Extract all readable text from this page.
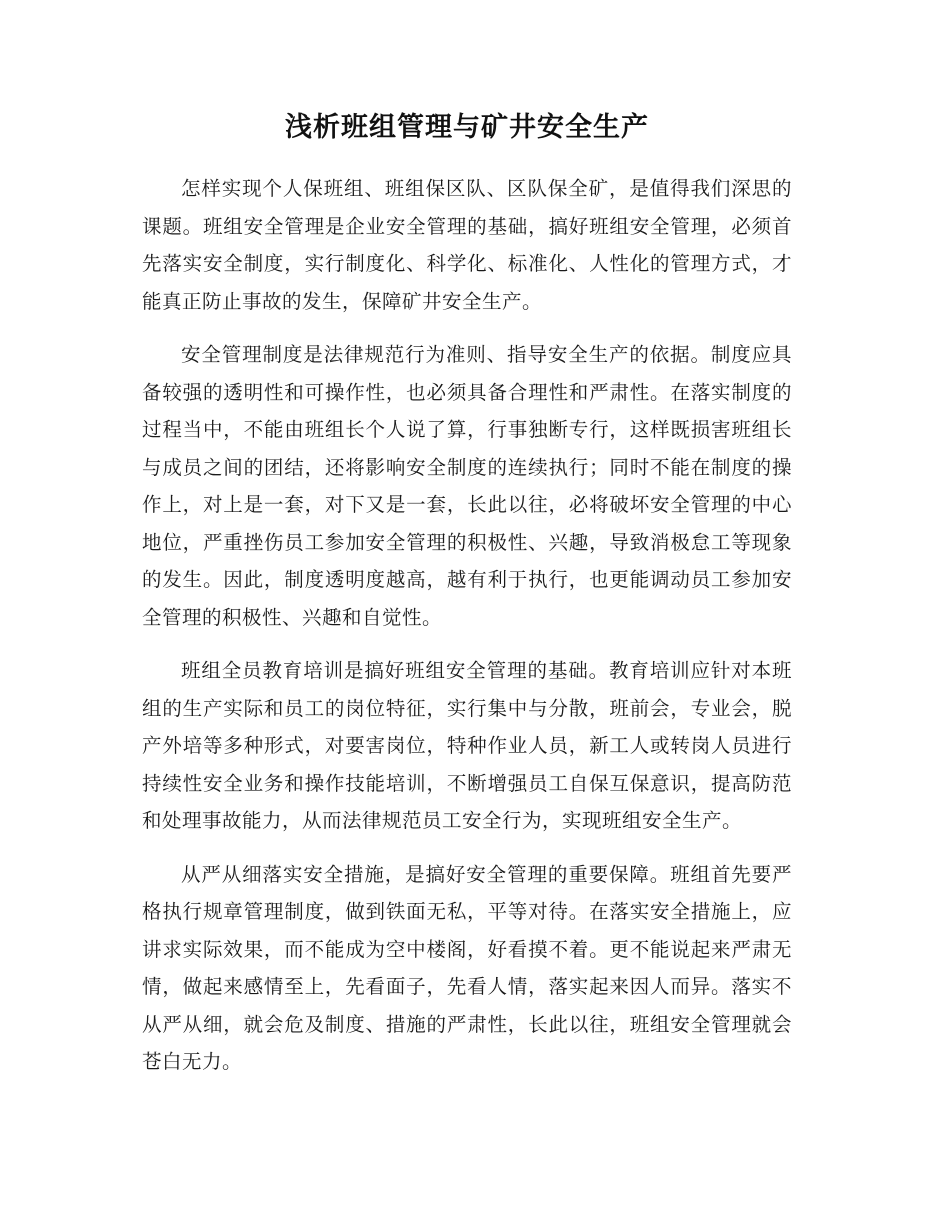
浅析班组管理与矿井安全生产

怎样实现个人保班组、班组保区队、区队保全矿，是值得我们深思的课题。班组安全管理是企业安全管理的基础，搞好班组安全管理，必须首先落实安全制度，实行制度化、科学化、标准化、人性化的管理方式，才能真正防止事故的发生，保障矿井安全生产。

安全管理制度是法律规范行为准则、指导安全生产的依据。制度应具备较强的透明性和可操作性，也必须具备合理性和严肃性。在落实制度的过程当中，不能由班组长个人说了算，行事独断专行，这样既损害班组长与成员之间的团结，还将影响安全制度的连续执行；同时不能在制度的操作上，对上是一套，对下又是一套，长此以往，必将破坏安全管理的中心地位，严重挫伤员工参加安全管理的积极性、兴趣，导致消极怠工等现象的发生。因此，制度透明度越高，越有利于执行，也更能调动员工参加安全管理的积极性、兴趣和自觉性。

班组全员教育培训是搞好班组安全管理的基础。教育培训应针对本班组的生产实际和员工的岗位特征，实行集中与分散，班前会，专业会，脱产外培等多种形式，对要害岗位，特种作业人员，新工人或转岗人员进行持续性安全业务和操作技能培训，不断增强员工自保互保意识，提高防范和处理事故能力，从而法律规范员工安全行为，实现班组安全生产。

从严从细落实安全措施，是搞好安全管理的重要保障。班组首先要严格执行规章管理制度，做到铁面无私，平等对待。在落实安全措施上，应讲求实际效果，而不能成为空中楼阁，好看摸不着。更不能说起来严肃无情，做起来感情至上，先看面子，先看人情，落实起来因人而异。落实不从严从细，就会危及制度、措施的严肃性，长此以往，班组安全管理就会苍白无力。
